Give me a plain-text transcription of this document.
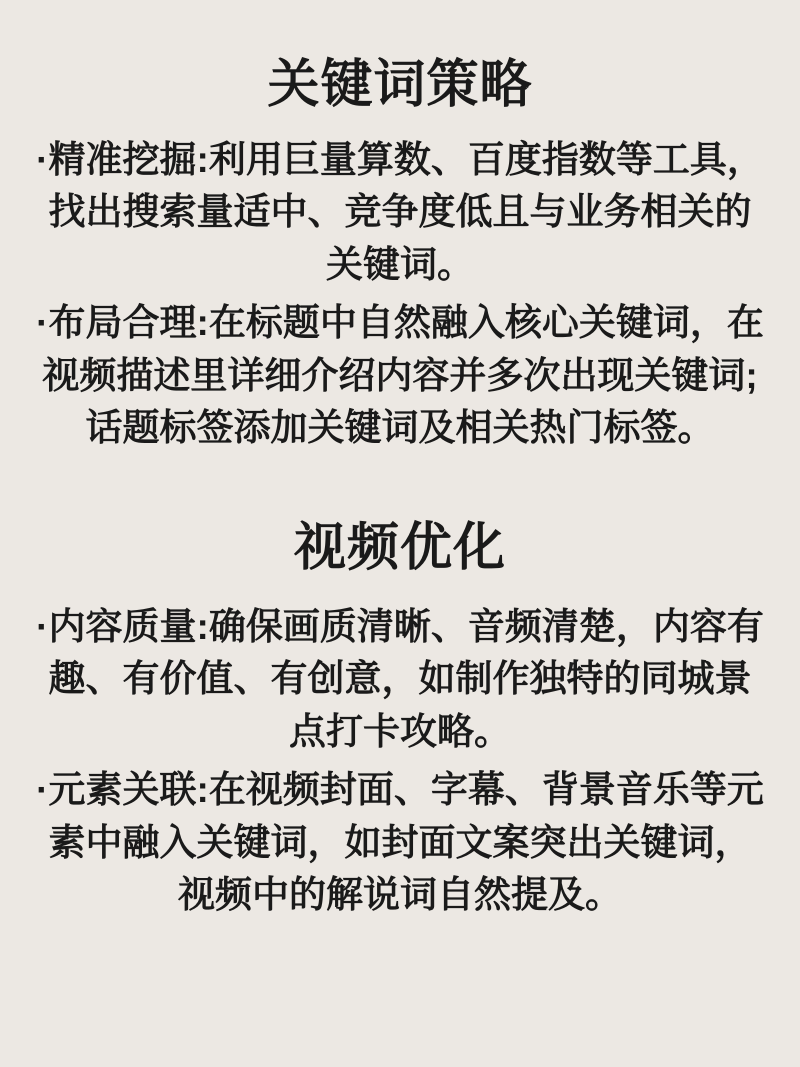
关键词策略

·精准挖掘:利用巨量算数、百度指数等工具，找出搜索量适中、竞争度低且与业务相关的关键词。

·布局合理:在标题中自然融入核心关键词，在视频描述里详细介绍内容并多次出现关键词;话题标签添加关键词及相关热门标签。

视频优化

·内容质量:确保画质清晰、音频清楚，内容有趣、有价值、有创意，如制作独特的同城景点打卡攻略。

·元素关联:在视频封面、字幕、背景音乐等元素中融入关键词，如封面文案突出关键词，视频中的解说词自然提及。
